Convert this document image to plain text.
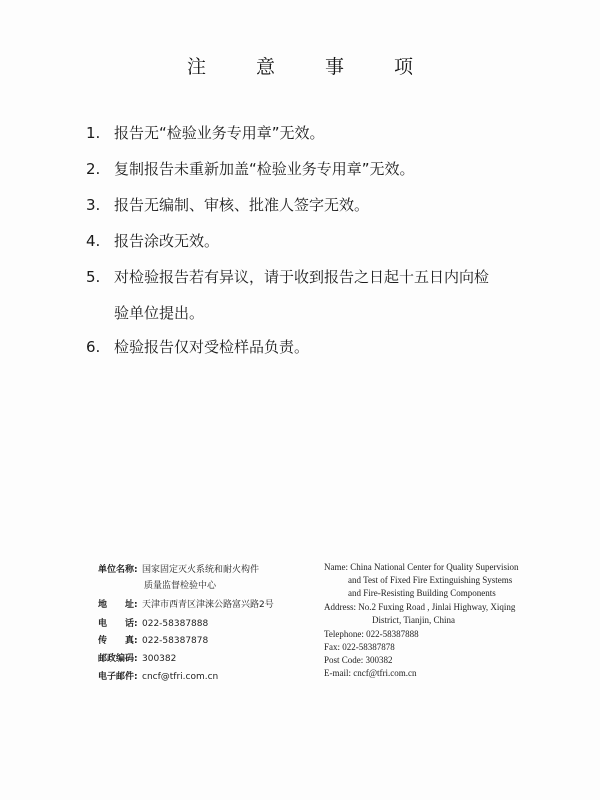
注 意 事 项
1. 报告无“检验业务专用章”无效。
2. 复制报告未重新加盖“检验业务专用章”无效。
3. 报告无编制、审核、批准人签字无效。
4. 报告涂改无效。
5. 对检验报告若有异议，请于收到报告之日起十五日内向检
验单位提出。
6. 检验报告仅对受检样品负责。
单位名称: 国家固定灭火系统和耐火构件
质量监督检验中心
地　　址: 天津市西青区津淶公路富兴路2号
电　　话: 022-58387888
传　　真: 022-58387878
邮政编码: 300382
电子邮件: cncf@tfri.com.cn
Name: China National Center for Quality Supervision
and Test of Fixed Fire Extinguishing Systems
and Fire-Resisting Building Components
Address: No.2 Fuxing Road , Jinlai Highway, Xiqing
District, Tianjin, China
Telephone: 022-58387888
Fax: 022-58387878
Post Code: 300382
E-mail: cncf@tfri.com.cn
